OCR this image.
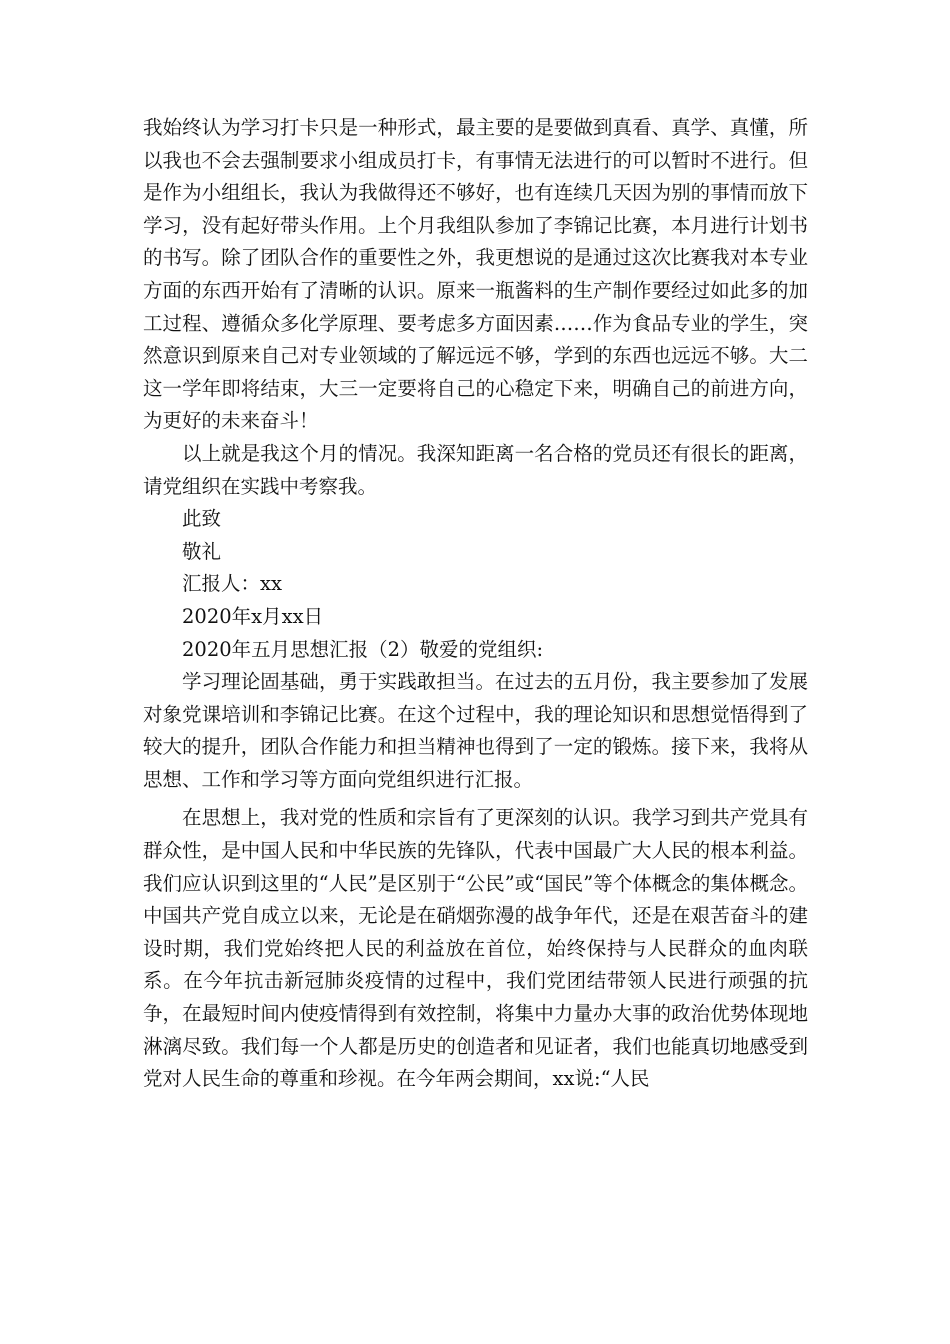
我始终认为学习打卡只是一种形式，最主要的是要做到真看、真学、真懂，所以我也不会去强制要求小组成员打卡，有事情无法进行的可以暂时不进行。但是作为小组组长，我认为我做得还不够好，也有连续几天因为别的事情而放下学习，没有起好带头作用。上个月我组队参加了李锦记比赛，本月进行计划书的书写。除了团队合作的重要性之外，我更想说的是通过这次比赛我对本专业方面的东西开始有了清晰的认识。原来一瓶酱料的生产制作要经过如此多的加工过程、遵循众多化学原理、要考虑多方面因素……作为食品专业的学生，突然意识到原来自己对专业领域的了解远远不够，学到的东西也远远不够。大二这一学年即将结束，大三一定要将自己的心稳定下来，明确自己的前进方向，为更好的未来奋斗！

以上就是我这个月的情况。我深知距离一名合格的党员还有很长的距离，请党组织在实践中考察我。

此致

敬礼

汇报人：xx

2020年x月xx日

2020年五月思想汇报（2）敬爱的党组织:

学习理论固基础，勇于实践敢担当。在过去的五月份，我主要参加了发展对象党课培训和李锦记比赛。在这个过程中，我的理论知识和思想觉悟得到了较大的提升，团队合作能力和担当精神也得到了一定的锻炼。接下来，我将从思想、工作和学习等方面向党组织进行汇报。

在思想上，我对党的性质和宗旨有了更深刻的认识。我学习到共产党具有群众性，是中国人民和中华民族的先锋队，代表中国最广大人民的根本利益。我们应认识到这里的“人民”是区别于“公民”或“国民”等个体概念的集体概念。中国共产党自成立以来，无论是在硝烟弥漫的战争年代，还是在艰苦奋斗的建设时期，我们党始终把人民的利益放在首位，始终保持与人民群众的血肉联系。在今年抗击新冠肺炎疫情的过程中，我们党团结带领人民进行顽强的抗争，在最短时间内使疫情得到有效控制，将集中力量办大事的政治优势体现地淋漓尽致。我们每一个人都是历史的创造者和见证者，我们也能真切地感受到党对人民生命的尊重和珍视。在今年两会期间，xx说:“人民
